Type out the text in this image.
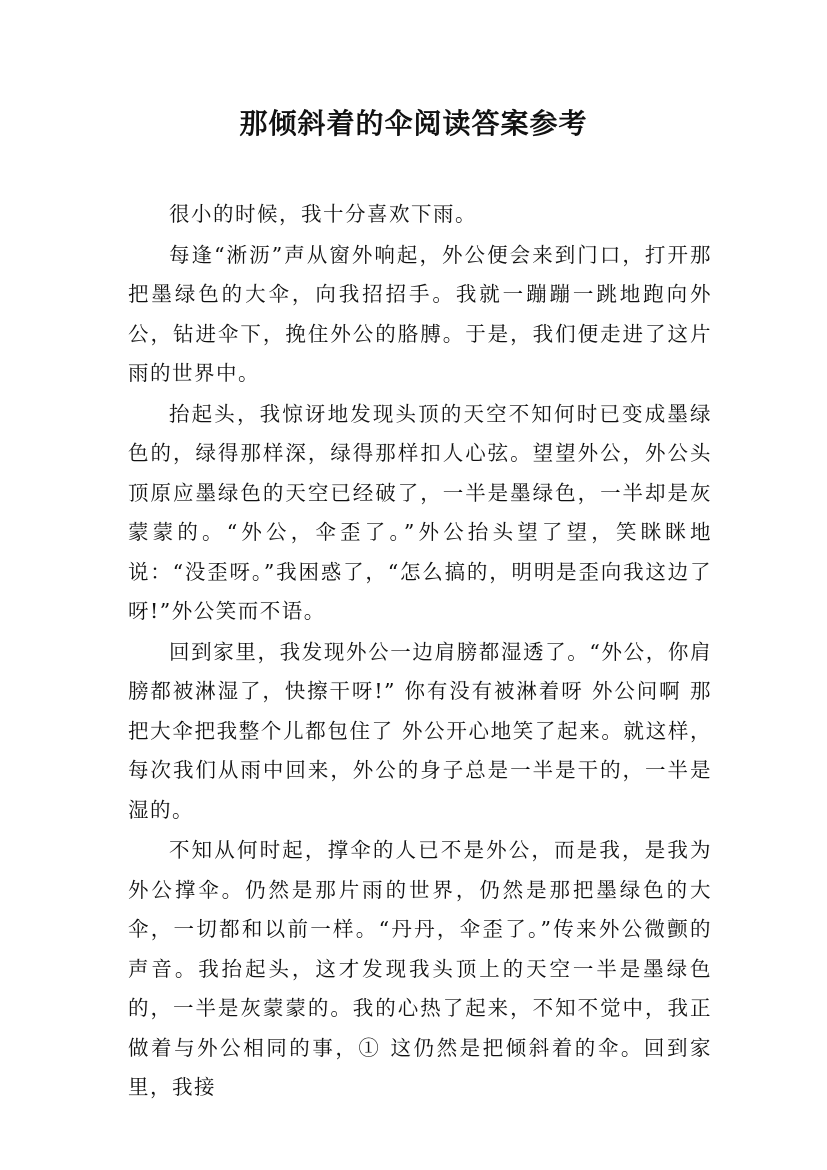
那倾斜着的伞阅读答案参考

很小的时候，我十分喜欢下雨。

每逢“淅沥”声从窗外响起，外公便会来到门口，打开那把墨绿色的大伞，向我招招手。我就一蹦蹦一跳地跑向外公，钻进伞下，挽住外公的胳膊。于是，我们便走进了这片雨的世界中。

抬起头，我惊讶地发现头顶的天空不知何时已变成墨绿色的，绿得那样深，绿得那样扣人心弦。望望外公，外公头顶原应墨绿色的天空已经破了，一半是墨绿色，一半却是灰蒙蒙的。“外公，伞歪了。”外公抬头望了望，笑眯眯地说：“没歪呀。”我困惑了，“怎么搞的，明明是歪向我这边了呀!”外公笑而不语。

回到家里，我发现外公一边肩膀都湿透了。“外公，你肩膀都被淋湿了，快擦干呀!” 你有没有被淋着呀 外公问啊 那把大伞把我整个儿都包住了 外公开心地笑了起来。就这样，每次我们从雨中回来，外公的身子总是一半是干的，一半是湿的。

不知从何时起，撑伞的人已不是外公，而是我，是我为外公撑伞。仍然是那片雨的世界，仍然是那把墨绿色的大伞，一切都和以前一样。“丹丹，伞歪了。”传来外公微颤的声音。我抬起头，这才发现我头顶上的天空一半是墨绿色的，一半是灰蒙蒙的。我的心热了起来，不知不觉中，我正做着与外公相同的事，① 这仍然是把倾斜着的伞。回到家里，我接
